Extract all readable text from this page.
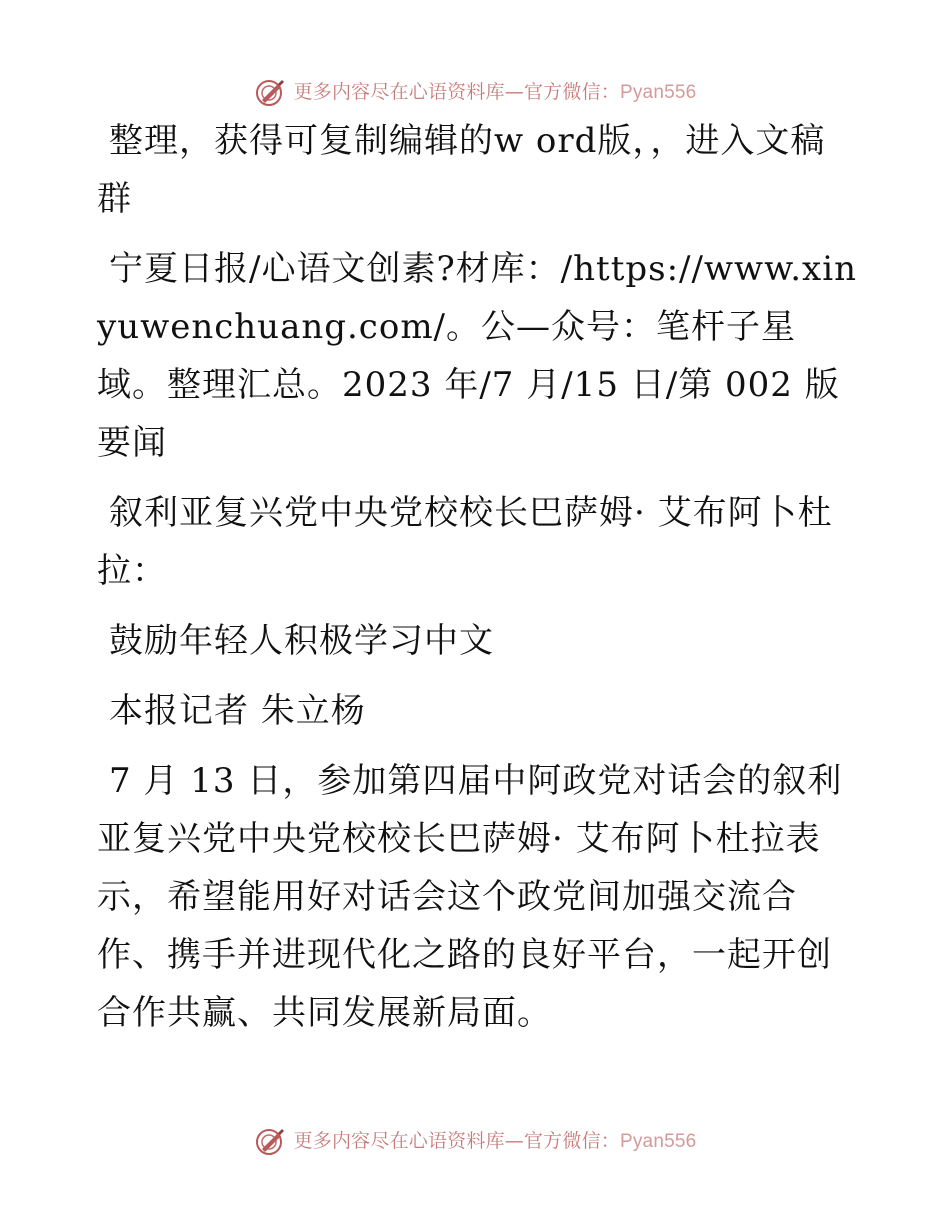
更多内容尽在心语资料库—官方微信：Pyan556

整理，获得可复制编辑的w ord版，，进入文稿群

宁夏日报/心语文创素?材库：/https://www.xinyuwenchuang.com/。公—众号：笔杆子星域。整理汇总。2023 年/7 月/15 日/第 002 版要闻

叙利亚复兴党中央党校校长巴萨姆· 艾布阿卜杜拉：

鼓励年轻人积极学习中文

本报记者 朱立杨

7 月 13 日，参加第四届中阿政党对话会的叙利亚复兴党中央党校校长巴萨姆· 艾布阿卜杜拉表示，希望能用好对话会这个政党间加强交流合作、携手并进现代化之路的良好平台，一起开创合作共赢、共同发展新局面。

更多内容尽在心语资料库—官方微信：Pyan556
